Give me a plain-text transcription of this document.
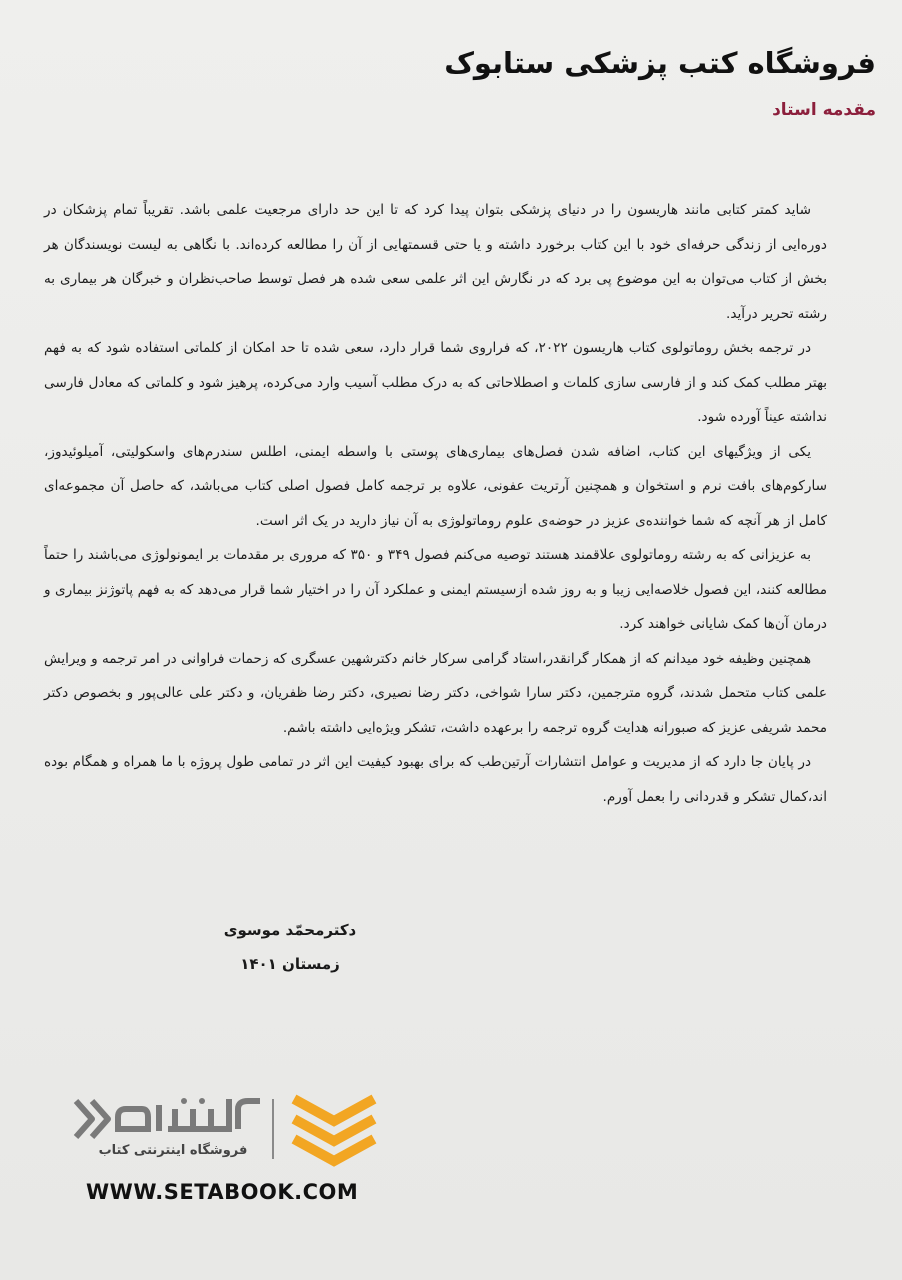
فروشگاه کتب پزشکی ستابوک
مقدمه استاد

شاید کمتر کتابی مانند هاریسون را در دنیای پزشکی بتوان پیدا کرد که تا این حد دارای مرجعیت علمی باشد. تقریباً تمام پزشکان در دوره‌ایی از زندگی حرفه‌ای خود با این کتاب برخورد داشته و یا حتی قسمتهایی از آن را مطالعه کرده‌اند. با نگاهی به لیست نویسندگان هر بخش از کتاب می‌توان به این موضوع پی برد که در نگارش این اثر علمی سعی شده هر فصل توسط صاحب‌نظران و خبرگان هر بیماری به رشته تحریر درآید.

در ترجمه بخش روماتولوی کتاب هاریسون ۲۰۲۲، که فراروی شما قرار دارد، سعی شده تا حد امکان از کلماتی استفاده شود که به فهم بهتر مطلب کمک کند و از فارسی سازی کلمات و اصطلاحاتی که به درک مطلب آسیب وارد می‌کرده، پرهیز شود و کلماتی که معادل فارسی نداشته عیناً آورده شود.

یکی از ویژگیهای این کتاب، اضافه شدن فصل‌های بیماری‌های پوستی با واسطه ایمنی، اطلس سندرم‌های واسکولیتی، آمیلوئیدوز، سارکوم‌های بافت نرم و استخوان و همچنین آرتریت عفونی، علاوه بر ترجمه کامل فصول اصلی کتاب می‌باشد، که حاصل آن مجموعه‌ای کامل از هر آنچه که شما خواننده‌ی عزیز در حوضه‌ی علوم روماتولوژی به آن نیاز دارید در یک اثر است.

به عزیزانی که به رشته روماتولوی علاقمند هستند توصیه می‌کنم فصول ۳۴۹ و ۳۵۰ که مروری بر مقدمات بر ایمونولوژی می‌باشند را حتماً مطالعه کنند، این فصول خلاصه‌ایی زیبا و به روز شده ازسیستم ایمنی و عملکرد آن را در اختیار شما قرار می‌دهد که به فهم پاتوژنز بیماری و درمان آن‌ها کمک شایانی خواهند کرد.

همچنین وظیفه خود میدانم که از همکار گرانقدر،استاد گرامی سرکار خانم دکترشهین عسگری که زحمات فراوانی در امر ترجمه و ویرایش علمی کتاب متحمل شدند، گروه مترجمین، دکتر سارا شواخی، دکتر رضا نصیری، دکتر رضا ظفریان، و دکتر علی عالی‌پور و بخصوص دکتر محمد شریفی عزیز که صبورانه هدایت گروه ترجمه را برعهده داشت، تشکر ویژه‌ایی داشته باشم.

در پایان جا دارد که از مدیریت و عوامل انتشارات آرتین‌طب که برای بهبود کیفیت این اثر در تمامی طول پروژه با ما همراه و همگام بوده اند،کمال تشکر و قدردانی را بعمل آورم.

دکترمحمّد موسوی
زمستان ۱۴۰۱
فروشگاه اینترنتی کتاب
WWW.SETABOOK.COM
